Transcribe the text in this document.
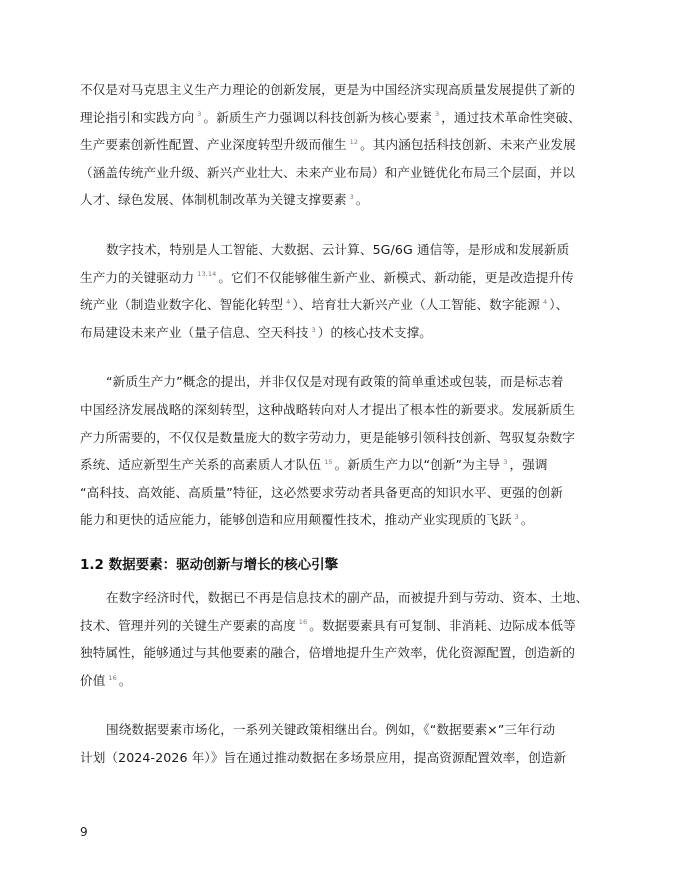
不仅是对马克思主义生产力理论的创新发展，更是为中国经济实现高质量发展提供了新的
理论指引和实践方向 $^3$ 。新质生产力强调以科技创新为核心要素 $^3$ ，通过技术革命性突破、
生产要素创新性配置、产业深度转型升级而催生 $^{12}$ 。其内涵包括科技创新、未来产业发展
（涵盖传统产业升级、新兴产业壮大、未来产业布局）和产业链优化布局三个层面，并以
人才、绿色发展、体制机制改革为关键支撑要素 $^3$ 。

数字技术，特别是人工智能、大数据、云计算、5G/6G 通信等，是形成和发展新质
生产力的关键驱动力 $^{13,14}$ 。它们不仅能够催生新产业、新模式、新动能，更是改造提升传
统产业（制造业数字化、智能化转型 $^4$ ）、培育壮大新兴产业（人工智能、数字能源 $^4$ ）、
布局建设未来产业（量子信息、空天科技 $^3$ ）的核心技术支撑。

“新质生产力”概念的提出，并非仅仅是对现有政策的简单重述或包装，而是标志着
中国经济发展战略的深刻转型，这种战略转向对人才提出了根本性的新要求。发展新质生
产力所需要的，不仅仅是数量庞大的数字劳动力，更是能够引领科技创新、驾驭复杂数字
系统、适应新型生产关系的高素质人才队伍 $^{15}$ 。新质生产力以“创新”为主导 $^3$ ，强调
“高科技、高效能、高质量”特征，这必然要求劳动者具备更高的知识水平、更强的创新
能力和更快的适应能力，能够创造和应用颠覆性技术，推动产业实现质的飞跃 $^3$ 。

1.2 数据要素：驱动创新与增长的核心引擎

在数字经济时代，数据已不再是信息技术的副产品，而被提升到与劳动、资本、土地、
技术、管理并列的关键生产要素的高度 $^{16}$ 。数据要素具有可复制、非消耗、边际成本低等
独特属性，能够通过与其他要素的融合，倍增地提升生产效率，优化资源配置，创造新的
价值 $^{16}$ 。

围绕数据要素市场化，一系列关键政策相继出台。例如，《“数据要素×”三年行动
计划（2024-2026 年）》旨在通过推动数据在多场景应用，提高资源配置效率，创造新

9
